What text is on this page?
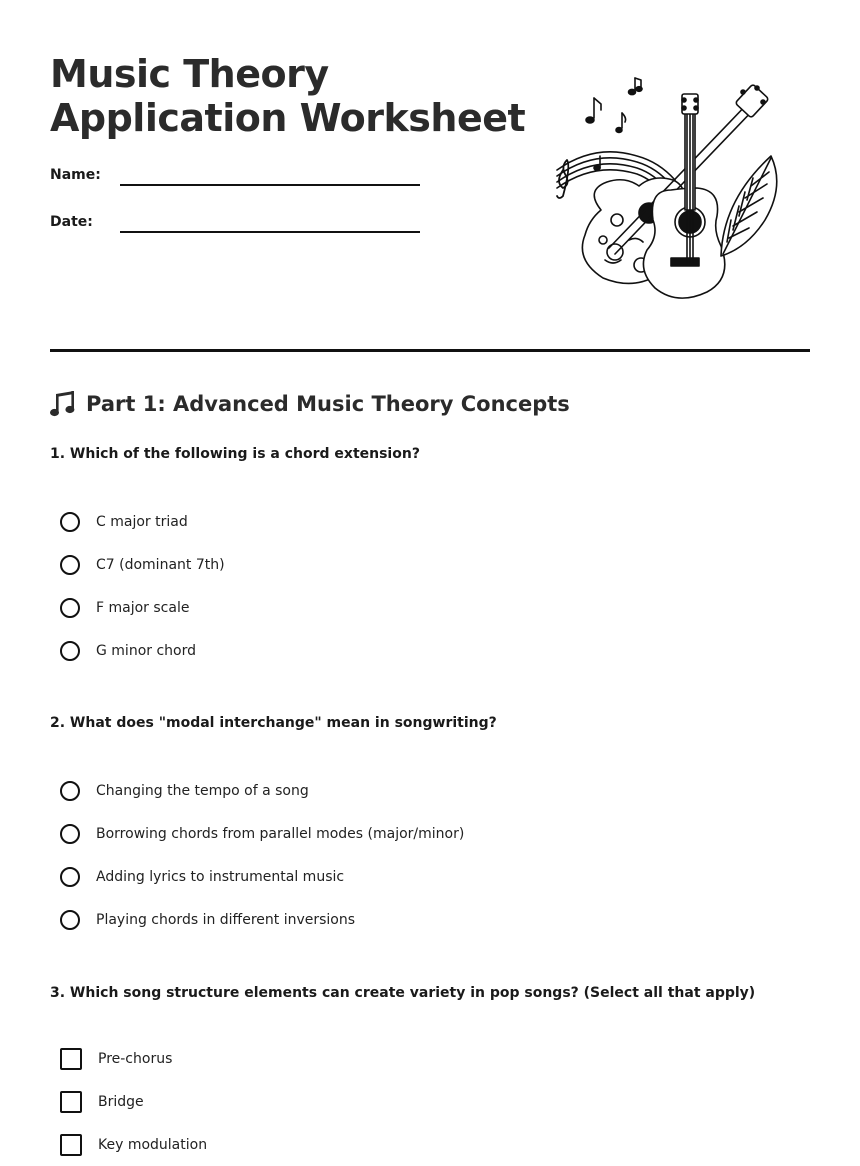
Music Theory
Application Worksheet
Name:
Date:
Part 1: Advanced Music Theory Concepts

1. Which of the following is a chord extension?

C major triad
C7 (dominant 7th)
F major scale
G minor chord

2. What does "modal interchange" mean in songwriting?

Changing the tempo of a song
Borrowing chords from parallel modes (major/minor)
Adding lyrics to instrumental music
Playing chords in different inversions

3. Which song structure elements can create variety in pop songs? (Select all that apply)

Pre-chorus
Bridge
Key modulation
